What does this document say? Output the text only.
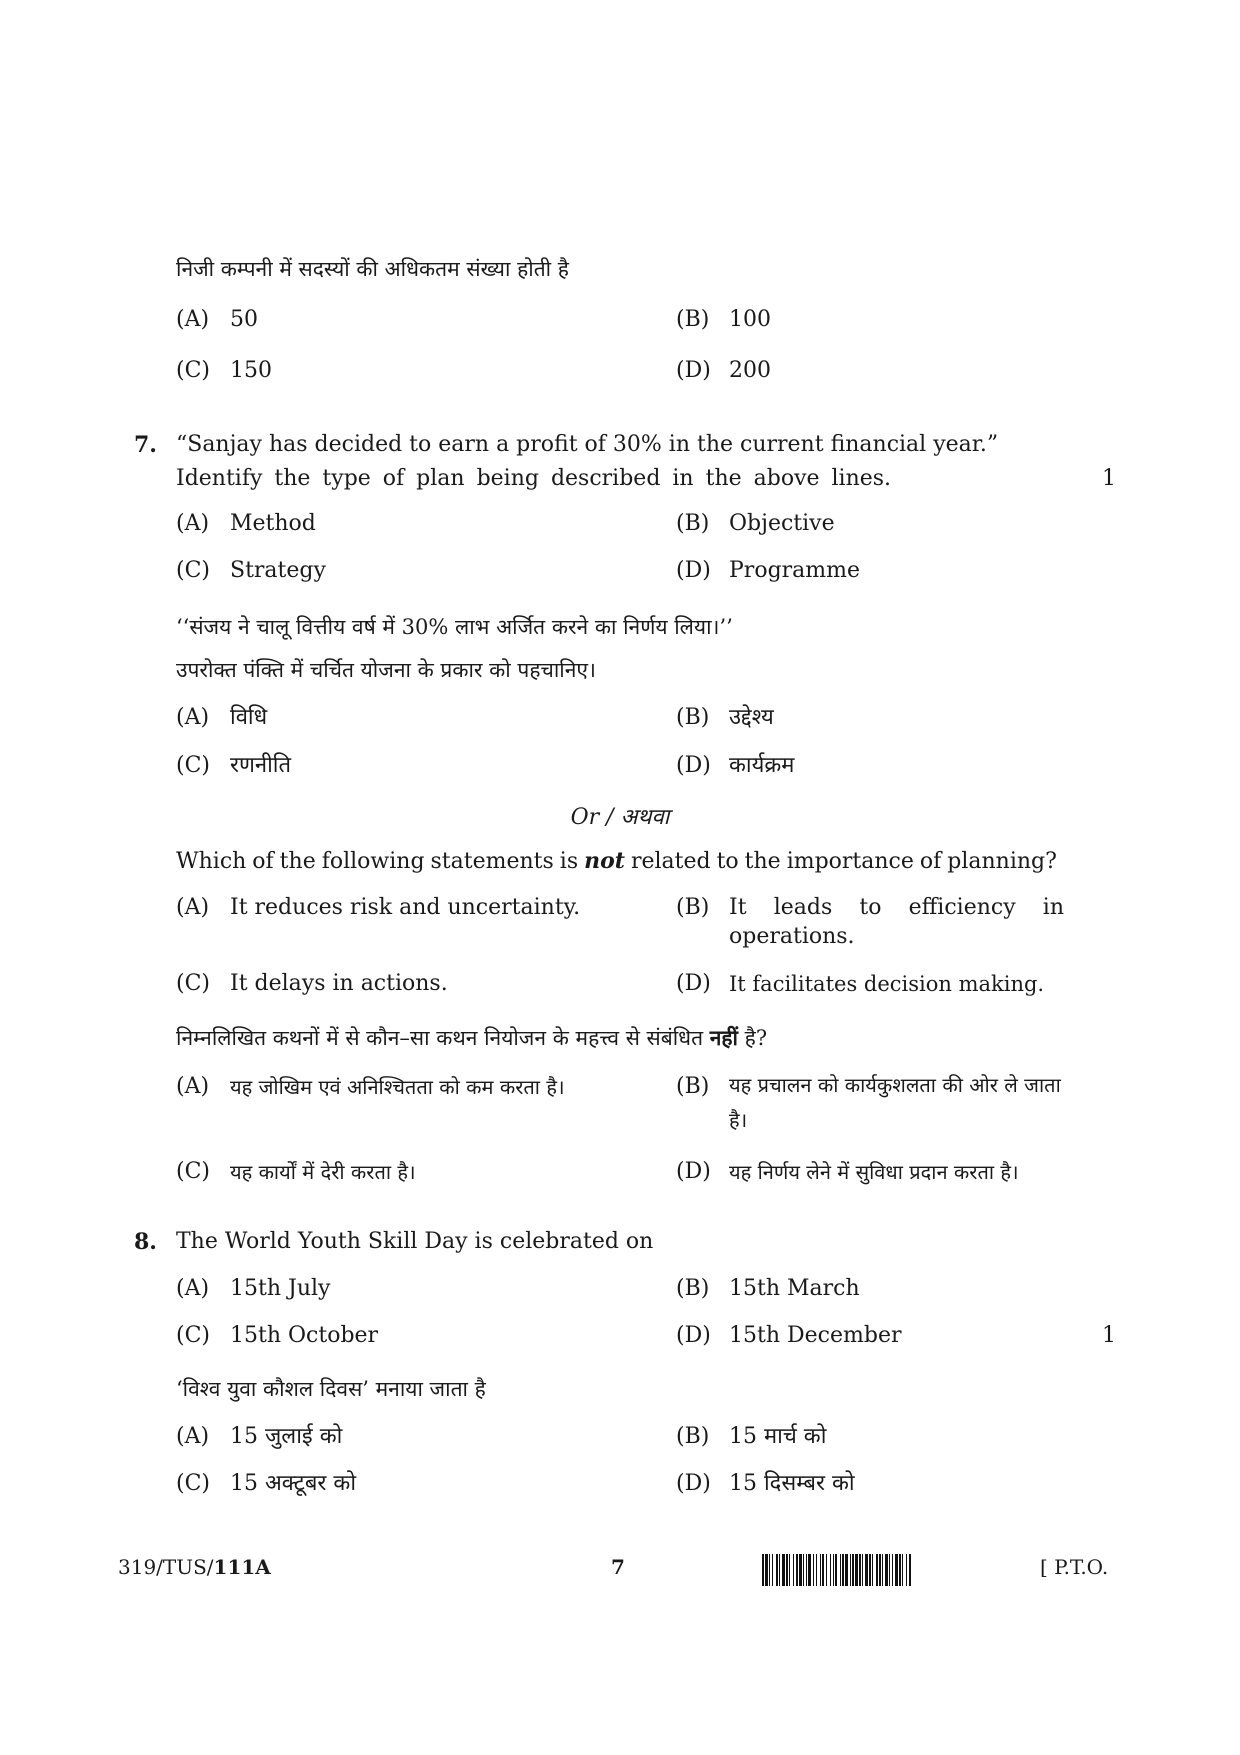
निजी कम्पनी में सदस्यों की अधिकतम संख्या होती है
(A) 50	(B) 100
(C) 150	(D) 200
7. “Sanjay has decided to earn a profit of 30% in the current financial year.”
Identify the type of plan being described in the above lines.	1
(A) Method	(B) Objective
(C) Strategy	(D) Programme
‘‘संजय ने चालू वित्तीय वर्ष में 30% लाभ अर्जित करने का निर्णय लिया।’’
उपरोक्त पंक्ति में चर्चित योजना के प्रकार को पहचानिए।
(A) विधि	(B) उद्देश्य
(C) रणनीति	(D) कार्यक्रम
Or / अथवा
Which of the following statements is not related to the importance of planning?
(A) It reduces risk and uncertainty.	(B) It leads to efficiency in operations.
(C) It delays in actions.	(D) It facilitates decision making.
निम्नलिखित कथनों में से कौन–सा कथन नियोजन के महत्त्व से संबंधित नहीं है?
(A) यह जोखिम एवं अनिश्चितता को कम करता है।	(B) यह प्रचालन को कार्यकुशलता की ओर ले जाता है।
(C) यह कार्यों में देरी करता है।	(D) यह निर्णय लेने में सुविधा प्रदान करता है।
8. The World Youth Skill Day is celebrated on
(A) 15th July	(B) 15th March
(C) 15th October	(D) 15th December	1
‘विश्व युवा कौशल दिवस’ मनाया जाता है
(A) 15 जुलाई को	(B) 15 मार्च को
(C) 15 अक्टूबर को	(D) 15 दिसम्बर को
319/TUS/111A	7	[ P.T.O.
